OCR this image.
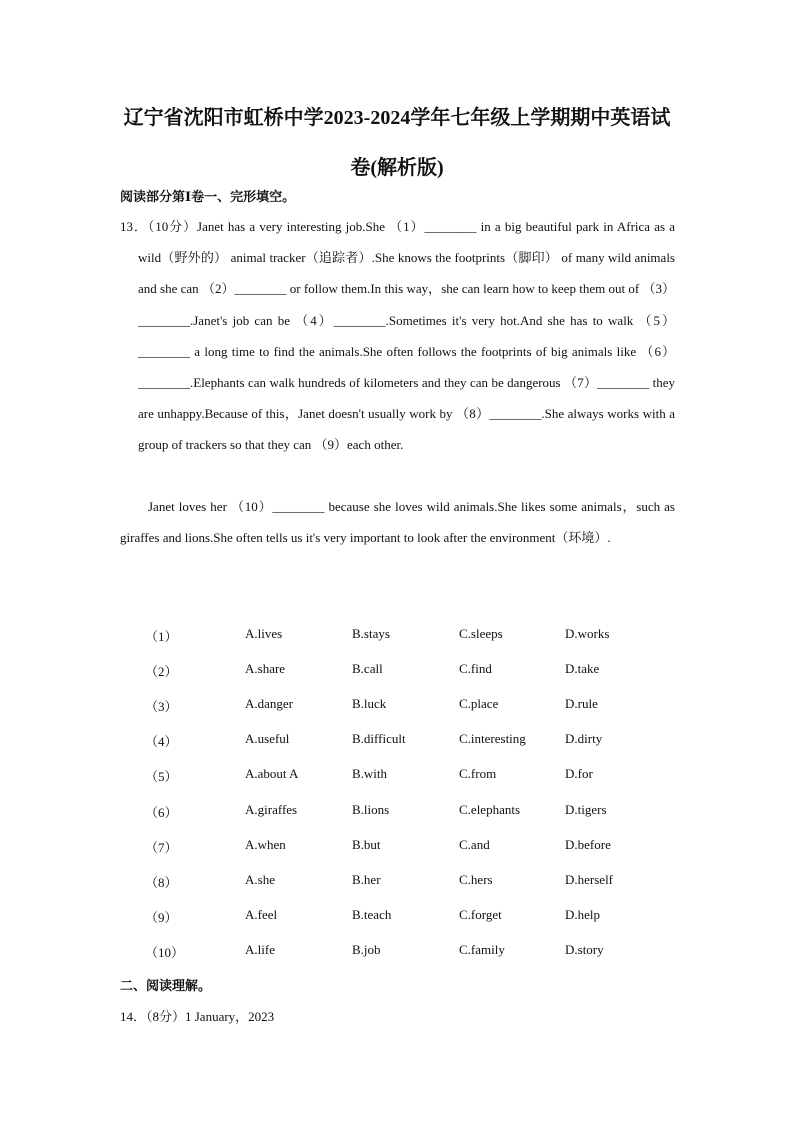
辽宁省沈阳市虹桥中学2023-2024学年七年级上学期期中英语试
卷(解析版)
阅读部分第Ⅰ卷一、完形填空。
13．（10分）Janet has a very interesting job.She （1）________ in a big beautiful park in Africa as a wild（野外的） animal tracker（追踪者）.She knows the footprints（脚印） of many wild animals and she can （2）________ or follow them.In this way，she can learn how to keep them out of （3）________.Janet's job can be （4）________.Sometimes it's very hot.And she has to walk （5）________ a long time to find the animals.She often follows the footprints of big animals like （6）________.Elephants can walk hundreds of kilometers and they can be dangerous （7）________ they are unhappy.Because of this，Janet doesn't usually work by （8）________.She always works with a group of trackers so that they can （9）each other.
Janet loves her （10）________ because she loves wild animals.She likes some animals，such as giraffes and lions.She often tells us it's very important to look after the environment（环境）.
（1）	A.lives	B.stays	C.sleeps	D.works
（2）	A.share	B.call	C.find	D.take
（3）	A.danger	B.luck	C.place	D.rule
（4）	A.useful	B.difficult	C.interesting	D.dirty
（5）	A.about A	B.with	C.from	D.for
（6）	A.giraffes	B.lions	C.elephants	D.tigers
（7）	A.when	B.but	C.and	D.before
（8）	A.she	B.her	C.hers	D.herself
（9）	A.feel	B.teach	C.forget	D.help
（10）	A.life	B.job	C.family	D.story
二、阅读理解。
14．（8分）1 January，2023
